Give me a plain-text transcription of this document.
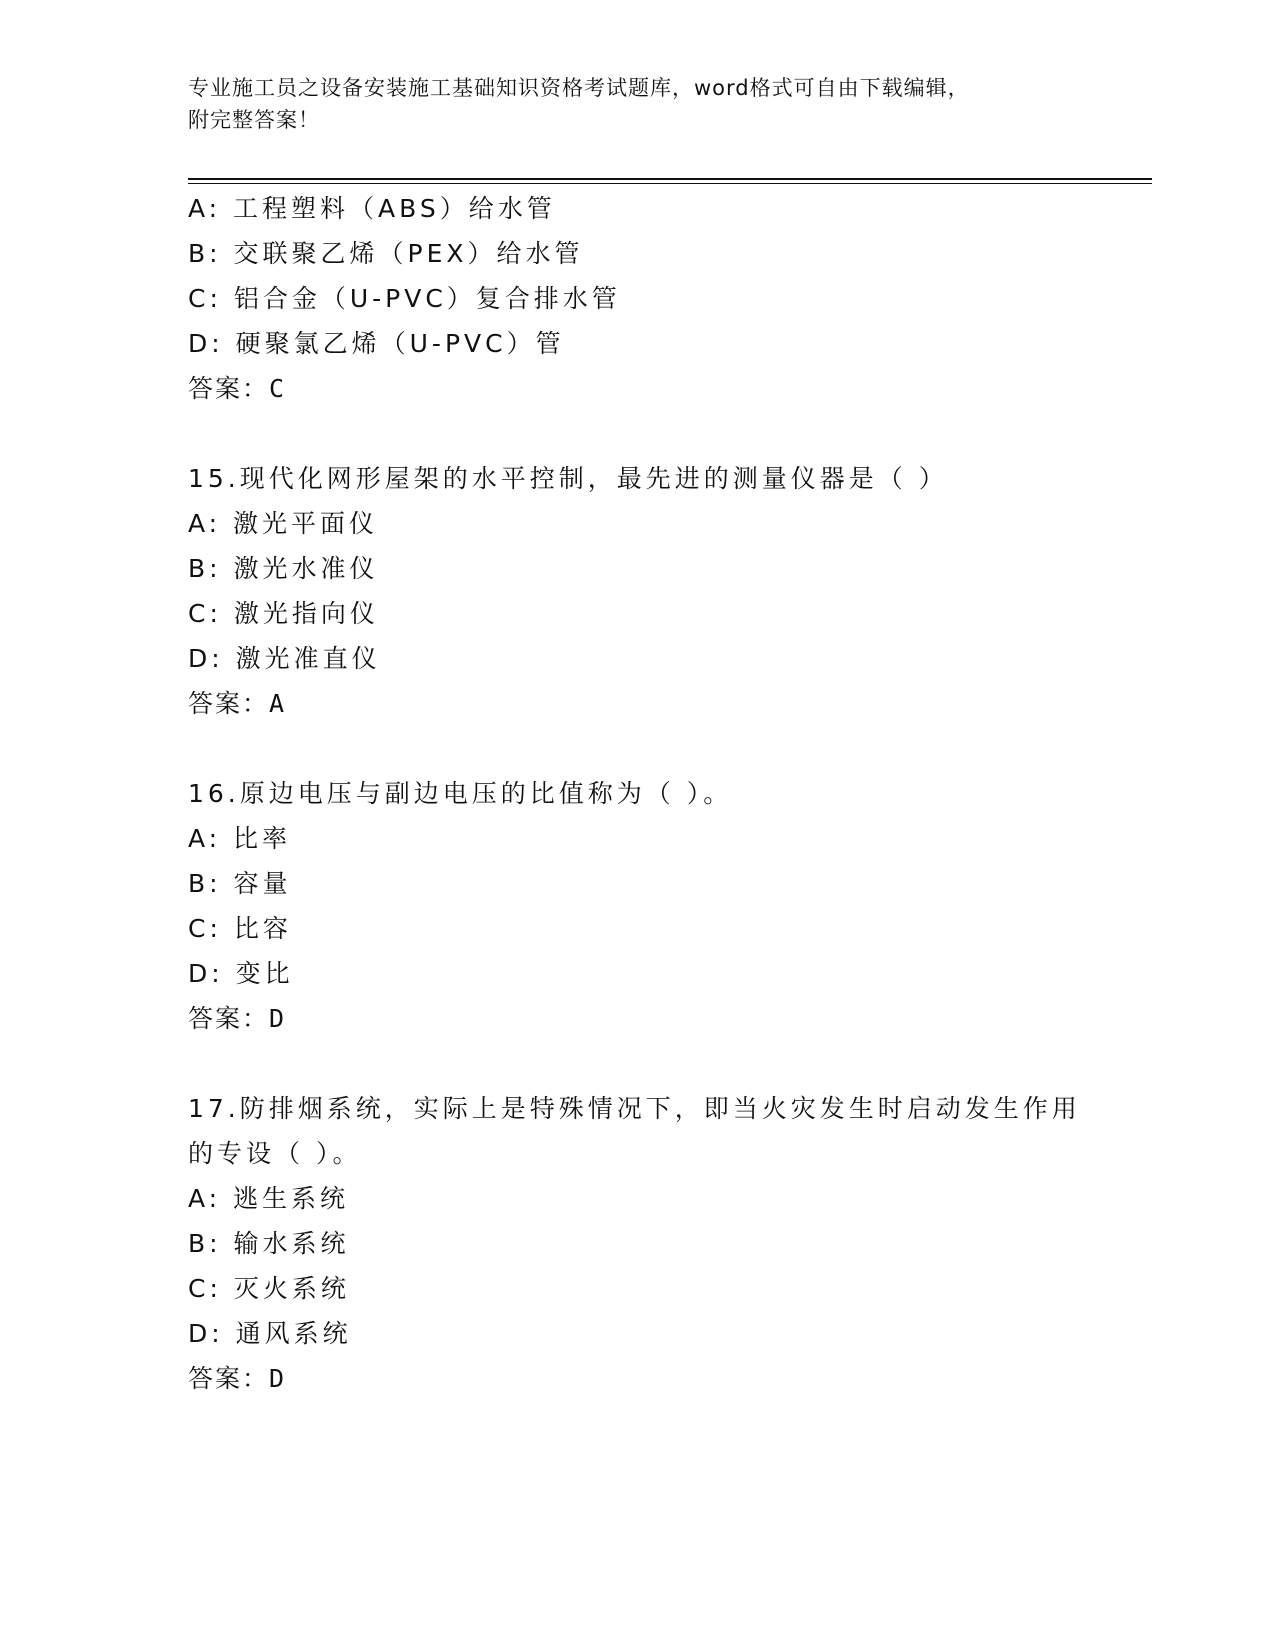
专业施工员之设备安装施工基础知识资格考试题库，word格式可自由下载编辑，
附完整答案！
A: 工程塑料（ABS）给水管
B: 交联聚乙烯（PEX）给水管
C: 铝合金（U-PVC）复合排水管
D: 硬聚氯乙烯（U-PVC）管
答案：C
15.现代化网形屋架的水平控制，最先进的测量仪器是（ ）
A: 激光平面仪
B: 激光水准仪
C: 激光指向仪
D: 激光准直仪
答案：A
16.原边电压与副边电压的比值称为（ ）。
A: 比率
B: 容量
C: 比容
D: 变比
答案：D
17.防排烟系统，实际上是特殊情况下，即当火灾发生时启动发生作用
的专设（ ）。
A: 逃生系统
B: 输水系统
C: 灭火系统
D: 通风系统
答案：D
